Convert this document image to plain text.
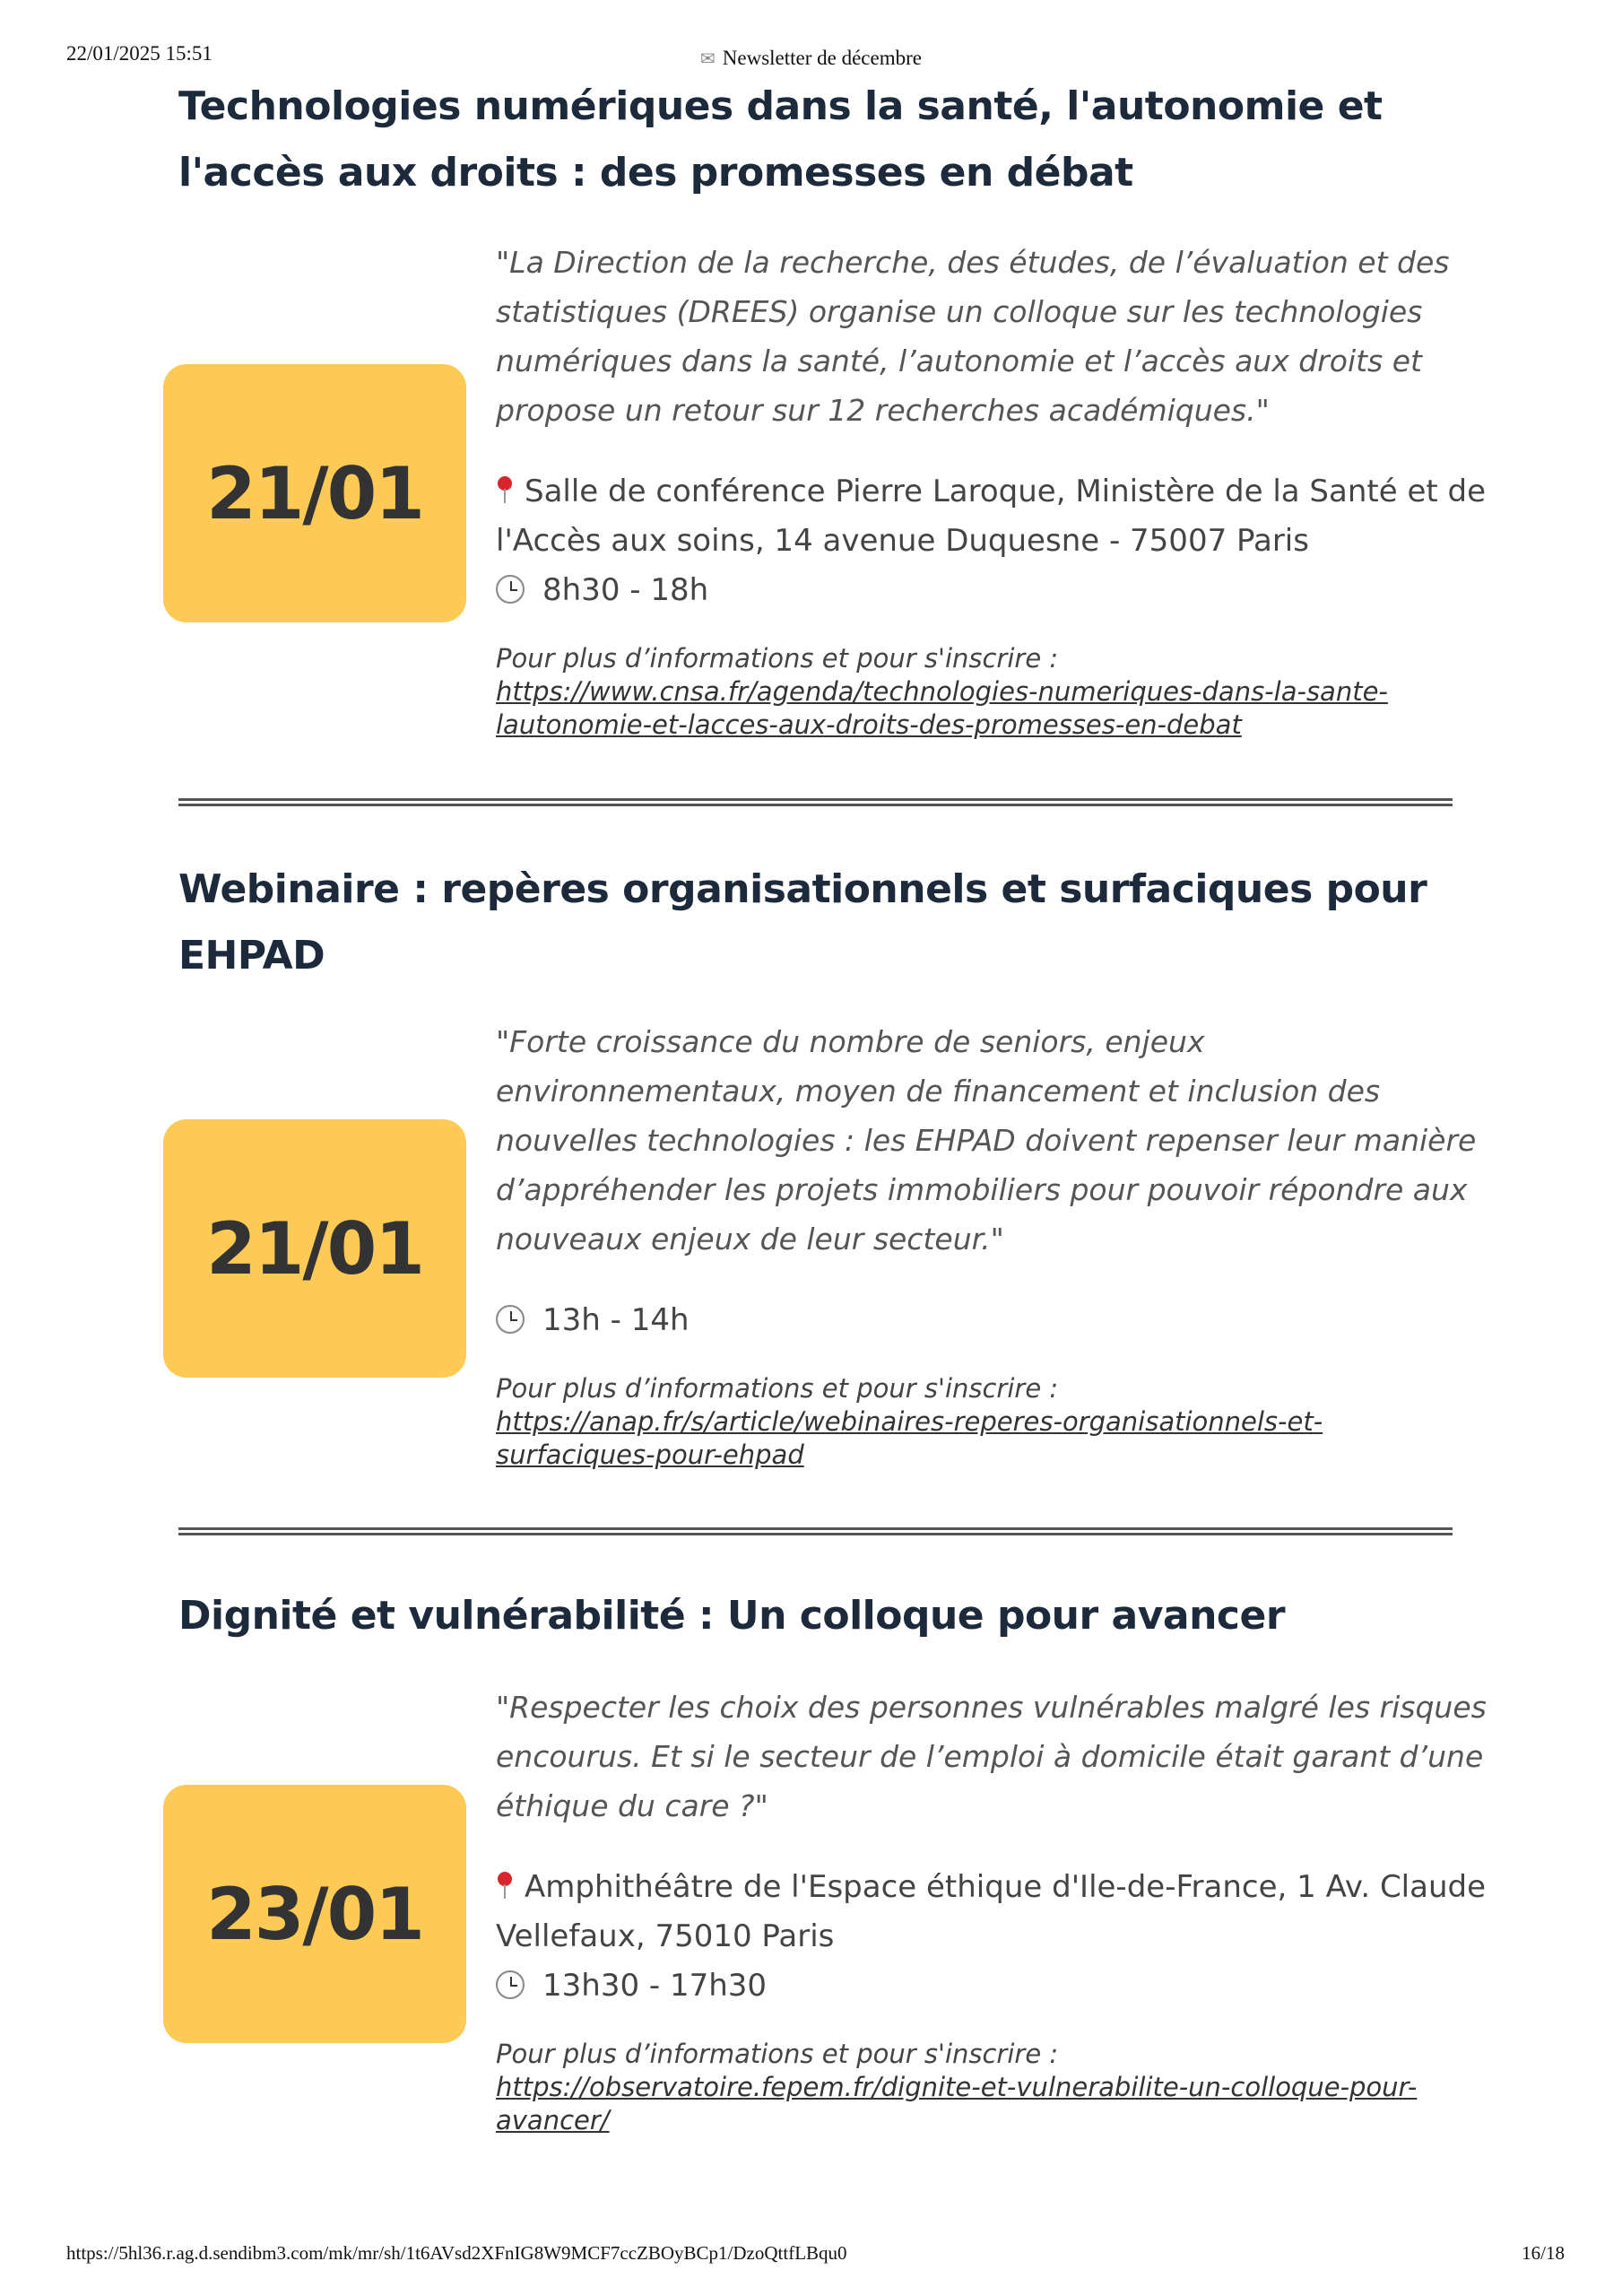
22/01/2025 15:51	✉ Newsletter de décembre
Technologies numériques dans la santé, l'autonomie et l'accès aux droits : des promesses en débat
21/01

"La Direction de la recherche, des études, de l’évaluation et des statistiques (DREES) organise un colloque sur les technologies numériques dans la santé, l’autonomie et l’accès aux droits et propose un retour sur 12 recherches académiques."

Salle de conférence Pierre Laroque, Ministère de la Santé et de l'Accès aux soins, 14 avenue Duquesne - 75007 Paris
8h30 - 18h
Pour plus d’informations et pour s'inscrire :
https://www.cnsa.fr/agenda/technologies-numeriques-dans-la-sante-lautonomie-et-lacces-aux-droits-des-promesses-en-debat
Webinaire : repères organisationnels et surfaciques pour EHPAD
21/01

"Forte croissance du nombre de seniors, enjeux environnementaux, moyen de financement et inclusion des nouvelles technologies : les EHPAD doivent repenser leur manière d’appréhender les projets immobiliers pour pouvoir répondre aux nouveaux enjeux de leur secteur."

13h - 14h
Pour plus d’informations et pour s'inscrire :
https://anap.fr/s/article/webinaires-reperes-organisationnels-et-surfaciques-pour-ehpad
Dignité et vulnérabilité : Un colloque pour avancer
23/01

"Respecter les choix des personnes vulnérables malgré les risques encourus. Et si le secteur de l’emploi à domicile était garant d’une éthique du care ?"

Amphithéâtre de l'Espace éthique d'Ile-de-France, 1 Av. Claude Vellefaux, 75010 Paris
13h30 - 17h30
Pour plus d’informations et pour s'inscrire :
https://observatoire.fepem.fr/dignite-et-vulnerabilite-un-colloque-pour-avancer/
https://5hl36.r.ag.d.sendibm3.com/mk/mr/sh/1t6AVsd2XFnIG8W9MCF7ccZBOyBCp1/DzoQttfLBqu0	16/18
